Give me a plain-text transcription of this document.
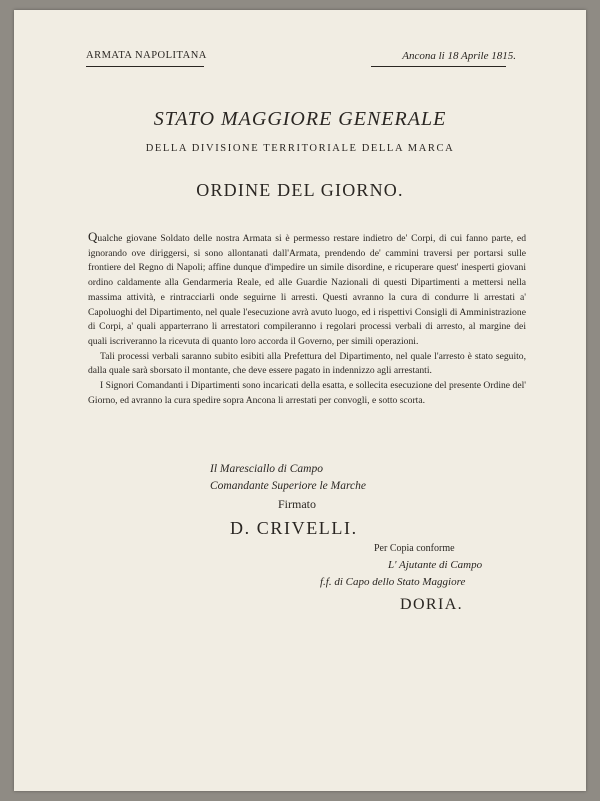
ARMATA NAPOLITANA	Ancona li 18 Aprile 1815.
STATO MAGGIORE GENERALE
DELLA DIVISIONE TERRITORIALE DELLA MARCA
ORDINE DEL GIORNO.

Qualche giovane Soldato delle nostra Armata si è permesso restare indietro de' Corpi, di cui fanno parte, ed ignorando ove diriggersi, si sono allontanati dall'Armata, prendendo de' cammini traversi per portarsi sulle frontiere del Regno di Napoli; affine dunque d'impedire un simile disordine, e ricuperare quest' inesperti giovani ordino caldamente alla Gendarmeria Reale, ed alle Guardie Nazionali di questi Dipartimenti a mettersi nella massima attività, e rintracciarli onde seguirne li arresti. Questi avranno la cura di condurre li arrestati a' Capoluoghi del Dipartimento, nel quale l'esecuzione avrà avuto luogo, ed i rispettivi Consigli di Amministrazione di Corpi, a' quali apparterrano li arrestatori compileranno i regolari processi verbali di arresto, al margine dei quali iscriveranno la ricevuta di quanto loro accorda il Governo, per simili operazioni.

Tali processi verbali saranno subito esibiti alla Prefettura del Dipartimento, nel quale l'arresto è stato seguito, dalla quale sarà sborsato il montante, che deve essere pagato in indennizzo agli arrestanti.

I Signori Comandanti i Dipartimenti sono incaricati della esatta, e sollecita esecuzione del presente Ordine del' Giorno, ed avranno la cura spedire sopra Ancona li arrestati per convogli, e sotto scorta.

Il Maresciallo di Campo
Comandante Superiore le Marche
Firmato
D. CRIVELLI.
Per Copia conforme
L' Ajutante di Campo
f.f. di Capo dello Stato Maggiore
DORIA.
